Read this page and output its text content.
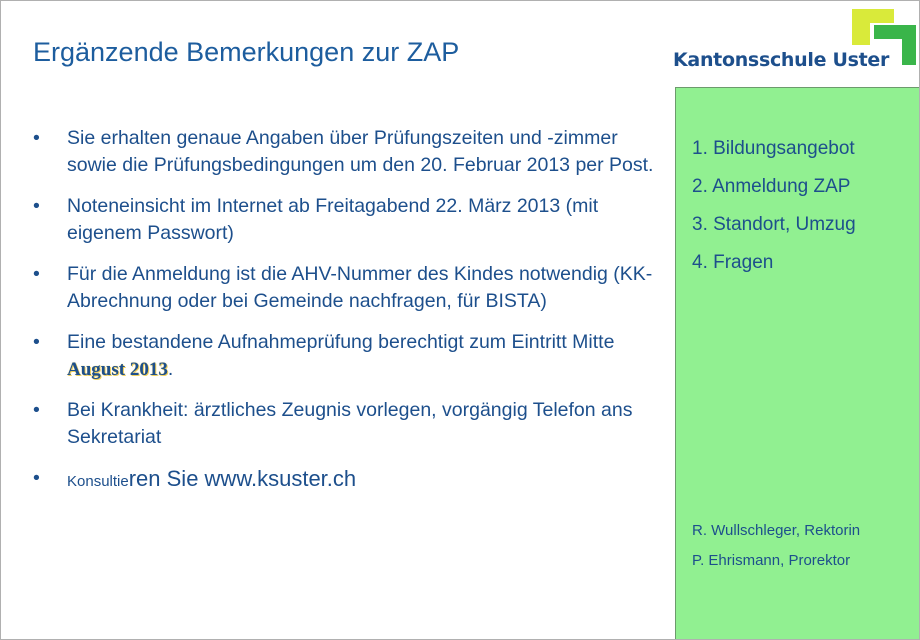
Ergänzende Bemerkungen zur ZAP	Kantonsschule Uster
• Sie erhalten genaue Angaben über Prüfungszeiten und -zimmer sowie die Prüfungsbedingungen um den 20. Februar 2013 per Post.
• Noteneinsicht im Internet ab Freitagabend 22. März 2013 (mit eigenem Passwort)
• Für die Anmeldung ist die AHV-Nummer des Kindes notwendig (KK-Abrechnung oder bei Gemeinde nachfragen, für BISTA)
• Eine bestandene Aufnahmeprüfung berechtigt zum Eintritt Mitte August 2013.
• Bei Krankheit: ärztliches Zeugnis vorlegen, vorgängig Telefon ans Sekretariat
• Konsultieren Sie www.ksuster.ch
1. Bildungsangebot
2. Anmeldung ZAP
3. Standort, Umzug
4. Fragen
R. Wullschleger, Rektorin
P. Ehrismann, Prorektor
